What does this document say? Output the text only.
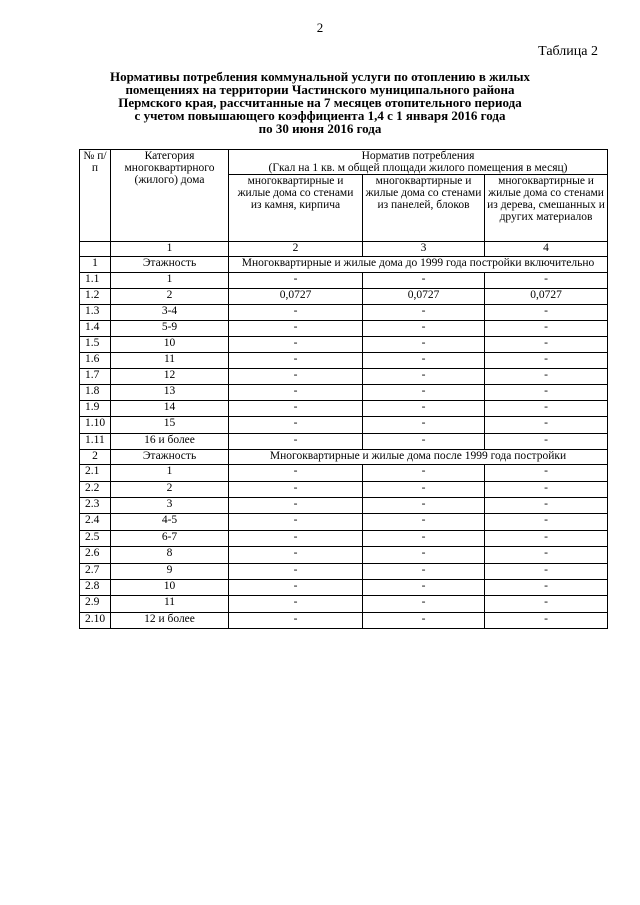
2
Таблица 2
Нормативы потребления коммунальной услуги по отоплению в жилых
помещениях на территории Частинского муниципального района
Пермского края, рассчитанные на 7 месяцев отопительного периода
с учетом повышающего коэффициента 1,4 с 1 января 2016 года
по 30 июня 2016 года
№ п/п	Категория многоквартирного (жилого) дома	Норматив потребления
(Гкал на 1 кв. м общей площади жилого помещения в месяц)		

		многоквартирные и жилые дома со стенами из камня, кирпича	многоквартирные и жилые дома со стенами из панелей, блоков	многоквартирные и жилые дома со стенами из дерева, смешанных и других материалов
	1	2	3	4
1	Этажность	Многоквартирные и жилые дома до 1999 года постройки включительно		
1.1	1	-	-	-
1.2	2	0,0727	0,0727	0,0727
1.3	3-4	-	-	-
1.4	5-9	-	-	-
1.5	10	-	-	-
1.6	11	-	-	-
1.7	12	-	-	-
1.8	13	-	-	-
1.9	14	-	-	-
1.10	15	-	-	-
1.11	16 и более	-	-	-
2	Этажность	Многоквартирные и жилые дома после 1999 года постройки		
2.1	1	-	-	-
2.2	2	-	-	-
2.3	3	-	-	-
2.4	4-5	-	-	-
2.5	6-7	-	-	-
2.6	8	-	-	-
2.7	9	-	-	-
2.8	10	-	-	-
2.9	11	-	-	-
2.10	12 и более	-	-	-
